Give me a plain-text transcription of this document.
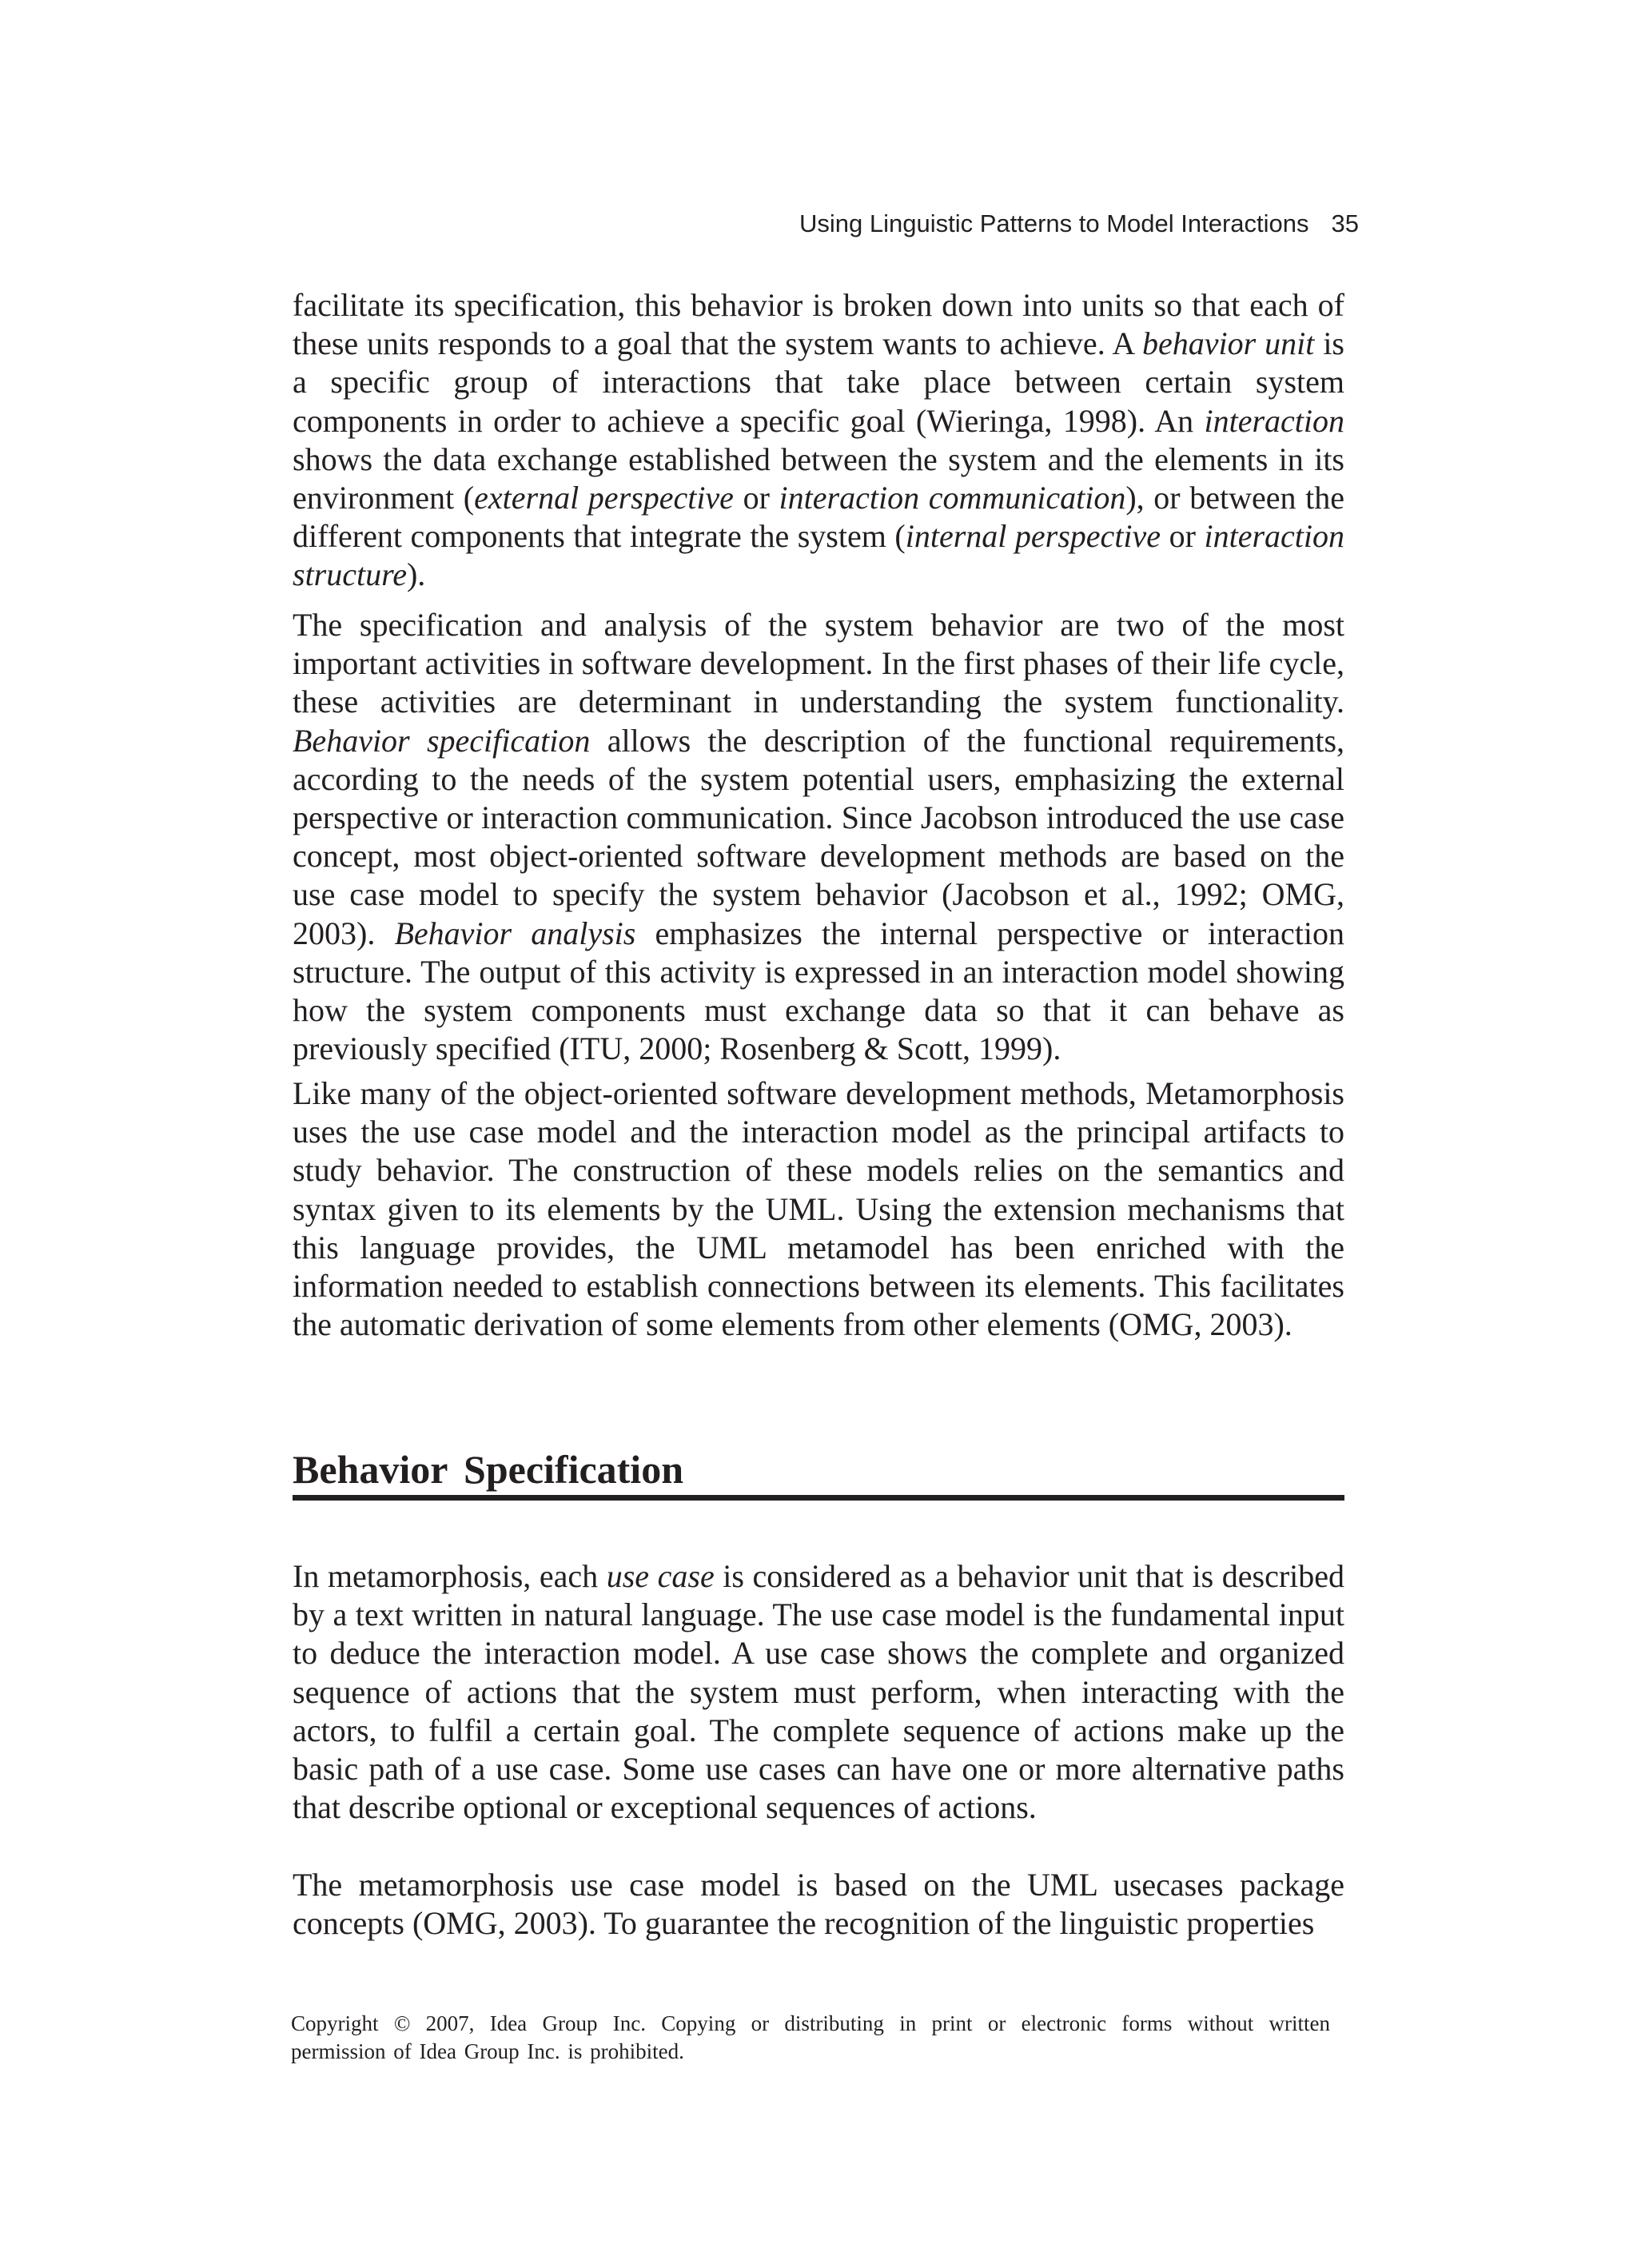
Using Linguistic Patterns to Model Interactions 35

facilitate its specification, this behavior is broken down into units so that each of these units responds to a goal that the system wants to achieve. A behavior unit is a specific group of interactions that take place between certain system components in order to achieve a specific goal (Wieringa, 1998). An interaction shows the data exchange established between the system and the elements in its environment (external perspective or interaction communication), or between the different components that integrate the system (internal perspective or interaction structure).

The specification and analysis of the system behavior are two of the most important activities in software development. In the first phases of their life cycle, these activities are determinant in understanding the system functionality. Behavior specification allows the description of the functional requirements, according to the needs of the system potential users, emphasizing the external perspective or interaction communication. Since Jacobson introduced the use case concept, most object-oriented software development methods are based on the use case model to specify the system behavior (Jacobson et al., 1992; OMG, 2003). Behavior analysis emphasizes the internal perspective or interaction structure. The output of this activity is expressed in an interaction model showing how the system components must exchange data so that it can behave as previously specified (ITU, 2000; Rosenberg & Scott, 1999).

Like many of the object-oriented software development methods, Metamorphosis uses the use case model and the interaction model as the principal artifacts to study behavior. The construction of these models relies on the semantics and syntax given to its elements by the UML. Using the extension mechanisms that this language provides, the UML metamodel has been enriched with the information needed to establish connections between its elements. This facilitates the automatic derivation of some elements from other elements (OMG, 2003).

Behavior Specification

In metamorphosis, each use case is considered as a behavior unit that is described by a text written in natural language. The use case model is the fundamental input to deduce the interaction model. A use case shows the complete and organized sequence of actions that the system must perform, when interacting with the actors, to fulfil a certain goal. The complete sequence of actions make up the basic path of a use case. Some use cases can have one or more alternative paths that describe optional or exceptional sequences of actions.

The metamorphosis use case model is based on the UML usecases package concepts (OMG, 2003). To guarantee the recognition of the linguistic properties

Copyright © 2007, Idea Group Inc. Copying or distributing in print or electronic forms without written
permission of Idea Group Inc. is prohibited.
